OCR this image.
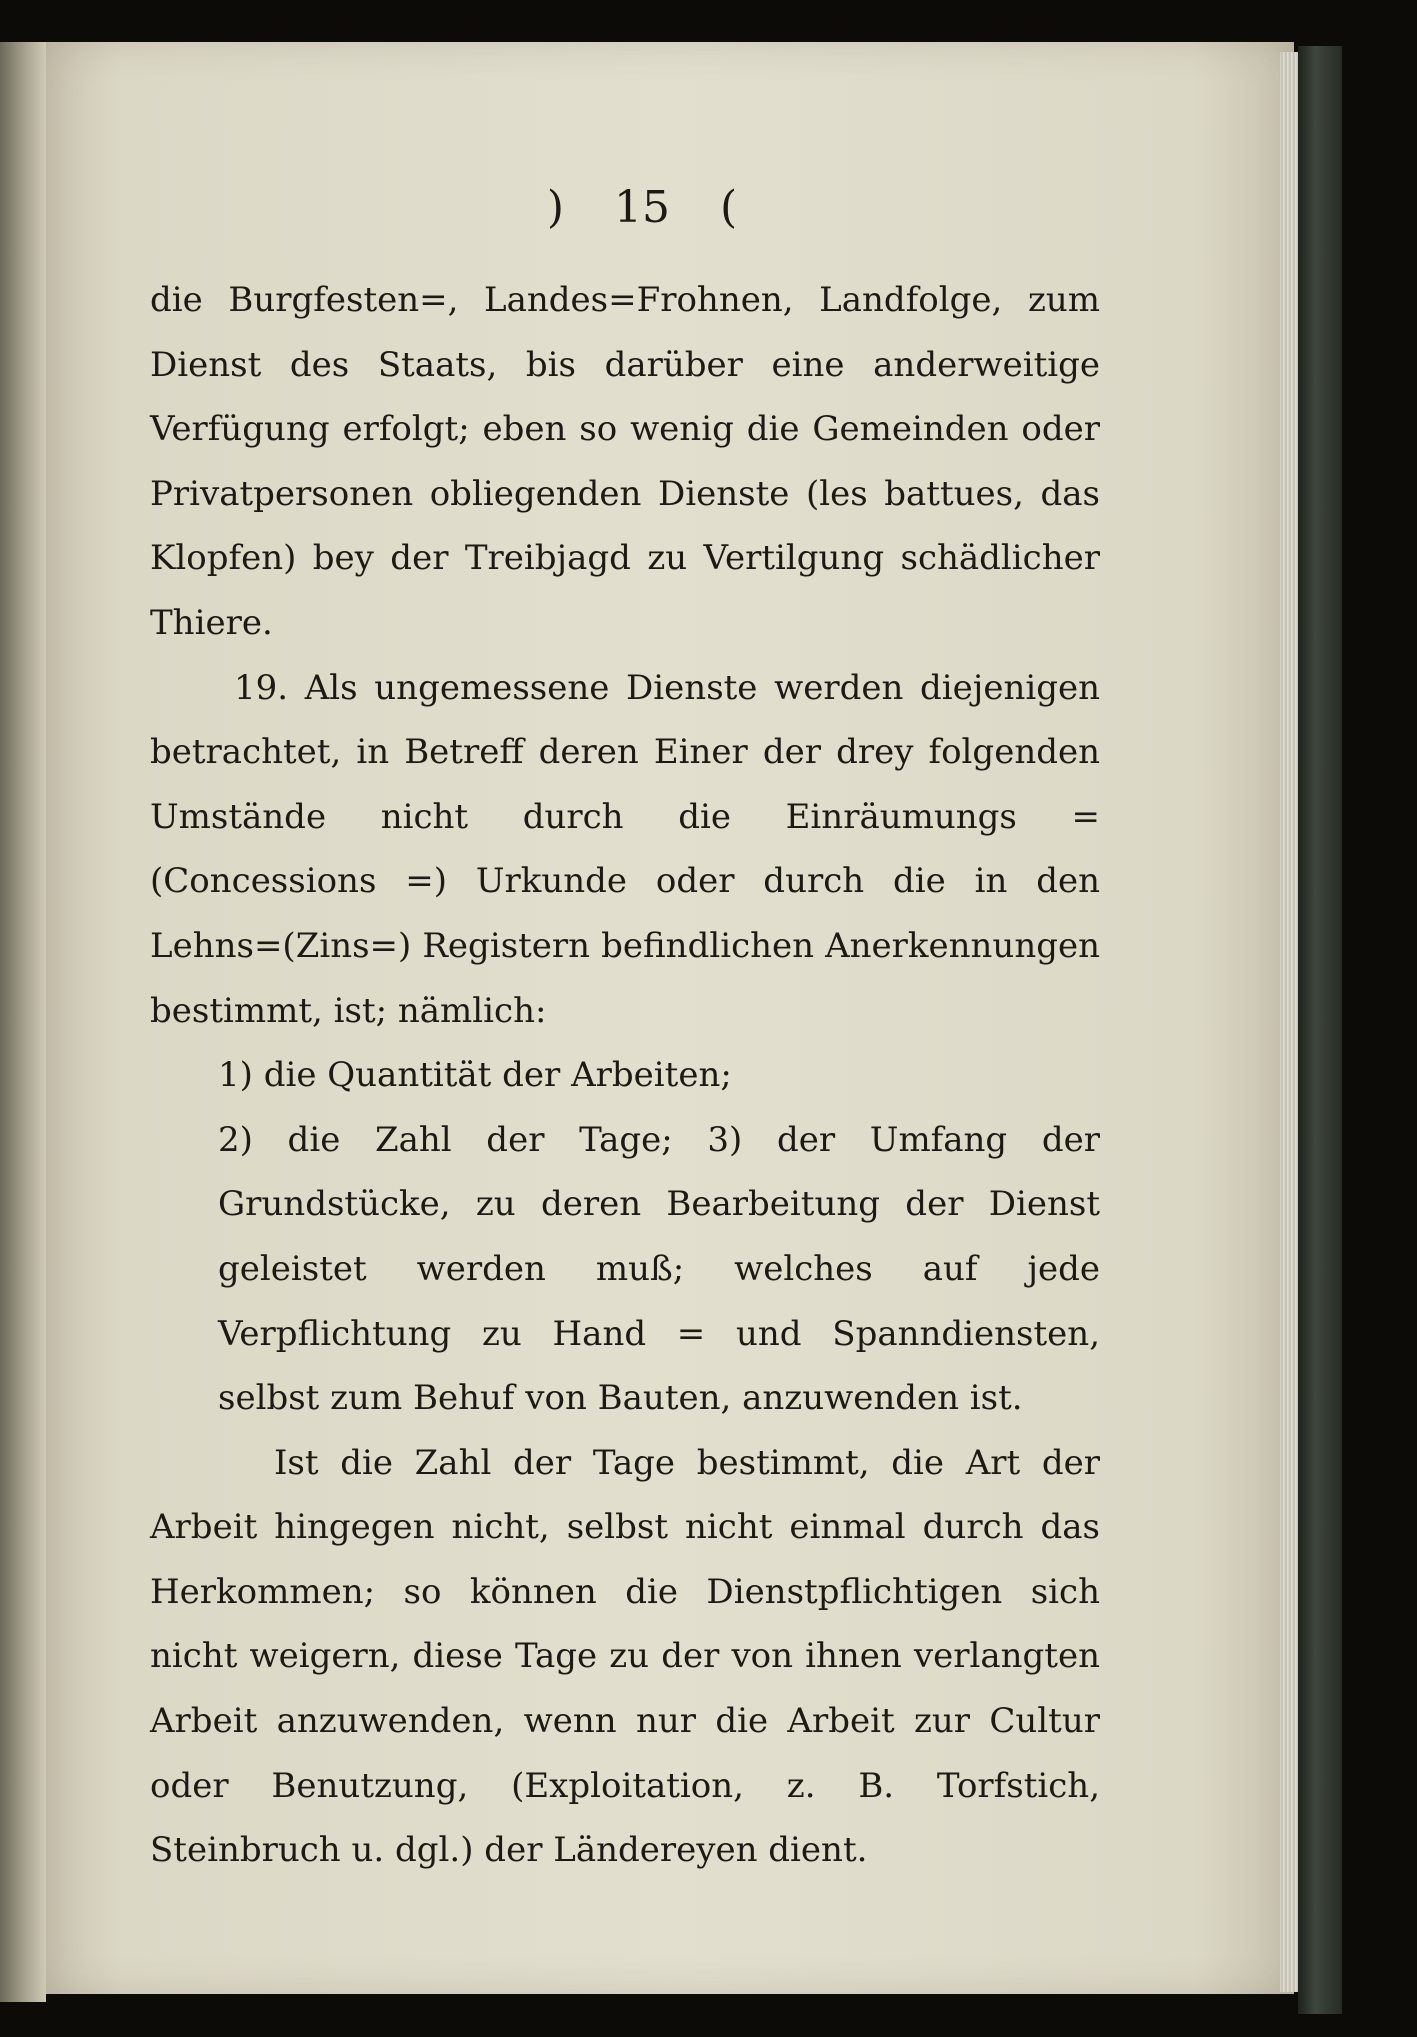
) 15 (

die Burgfesten=, Landes=Frohnen, Landfolge, zum Dienst des Staats, bis darüber eine anderweitige Verfügung erfolgt; eben so wenig die Gemeinden oder Privatpersonen obliegenden Dienste (les battues, das Klopfen) bey der Treibjagd zu Vertilgung schädlicher Thiere.

19. Als ungemessene Dienste werden diejenigen betrachtet, in Betreff deren Einer der drey folgenden Umstände nicht durch die Einräumungs = (Concessions =) Urkunde oder durch die in den Lehns=(Zins=) Registern befindlichen Anerkennungen bestimmt, ist; nämlich:

1) die Quantität der Arbeiten;

2) die Zahl der Tage; 3) der Umfang der Grundstücke, zu deren Bearbeitung der Dienst geleistet werden muß; welches auf jede Verpflichtung zu Hand = und Spanndiensten, selbst zum Behuf von Bauten, anzuwenden ist.

Ist die Zahl der Tage bestimmt, die Art der Arbeit hingegen nicht, selbst nicht einmal durch das Herkommen; so können die Dienstpflichtigen sich nicht weigern, diese Tage zu der von ihnen verlangten Arbeit anzuwenden, wenn nur die Arbeit zur Cultur oder Benutzung, (Exploitation, z. B. Torfstich, Steinbruch u. dgl.) der Ländereyen dient.
